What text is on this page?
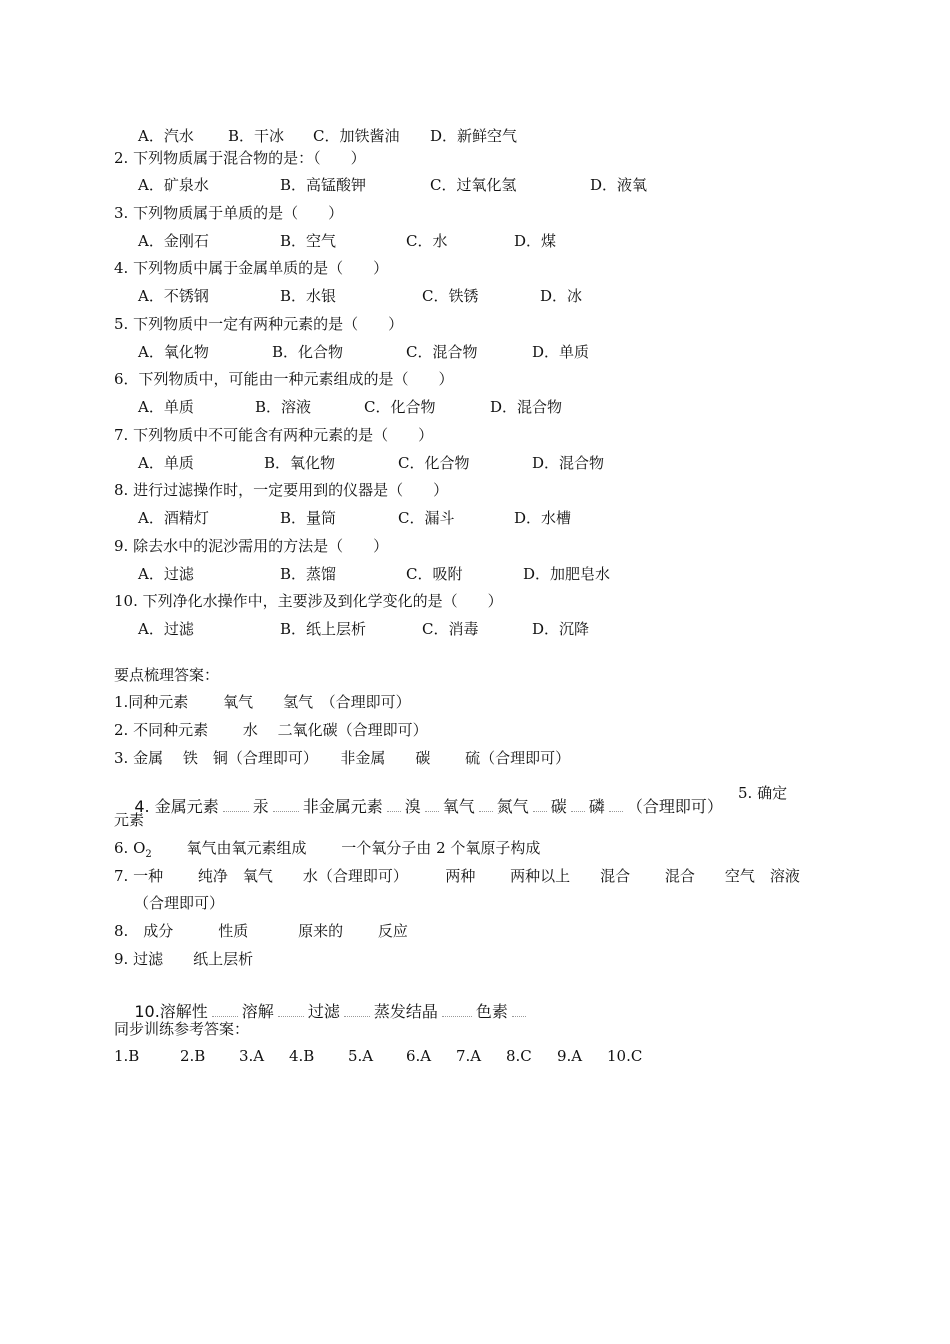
A．汽水 B．干冰 C．加铁酱油 D．新鲜空气
2. 下列物质属于混合物的是：（　　）
A．矿泉水	B．高锰酸钾	C．过氧化氢	D．液氧
3. 下列物质属于单质的是（　　）
A．金刚石	B．空气	C．水	D．煤
4. 下列物质中属于金属单质的是（　　）
A．不锈钢	B．水银	C．铁锈	D．冰
5. 下列物质中一定有两种元素的是（　　）
A．氧化物	B．化合物	C．混合物	D．单质
6．下列物质中，可能由一种元素组成的是（　　）
A．单质	B．溶液	C．化合物	D．混合物
7. 下列物质中不可能含有两种元素的是（　　）
A．单质	B．氧化物	C．化合物	D．混合物
8. 进行过滤操作时，一定要用到的仪器是（　　）
A．酒精灯	B．量筒	C．漏斗	D．水槽
9. 除去水中的泥沙需用的方法是（　　）
A．过滤	B．蒸馏	C．吸附	D．加肥皂水
10. 下列净化水操作中，主要涉及到化学变化的是（　　）
A．过滤	B．纸上层析	C．消毒	D．沉降
要点梳理答案：
1.同种元素　　 氧气　　氢气　（合理即可）
2. 不同种元素　　 水　 二氧化碳（合理即可）
3. 金属　 铁　铜（合理即可）　　非金属　　碳　　 硫（合理即可）

4. 金属元素 汞 非金属元素 溴 氧气 氮气 碳 磷 （合理即可）

5. 确定
元素
6. $O_2$　　 氧气由氧元素组成　　 一个氧分子由 2 个氧原子构成
7. 一种　　 纯净　氧气　　水（合理即可）　　　两种　　 两种以上　　混合　　 混合　　空气　溶液
（合理即可）
8.　成分　　　性质　　　 原来的　　 反应
9. 过滤　　纸上层析

10.溶解性 溶解 过滤 蒸发结晶 色素

同步训练参考答案：
1.B	2.B 3.A 4.B 5.A 6.A 7.A 8.C 9.A 10.C
